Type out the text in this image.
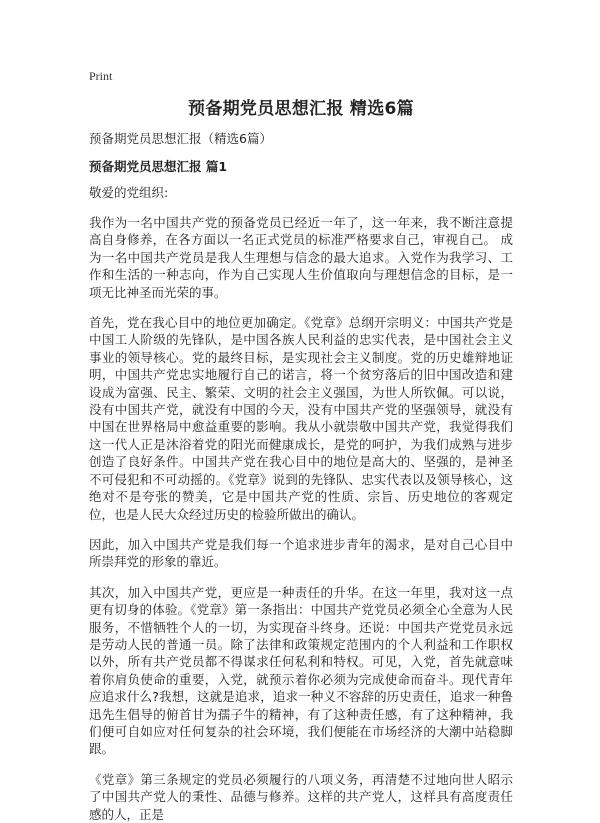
Print
预备期党员思想汇报 精选6篇
预备期党员思想汇报（精选6篇）
预备期党员思想汇报 篇1
敬爱的党组织:

我作为一名中国共产党的预备党员已经近一年了，这一年来，我不断注意提高自身修养，在各方面以一名正式党员的标准严格要求自己，审视自己。 成为一名中国共产党员是我人生理想与信念的最大追求。入党作为我学习、工作和生活的一种志向，作为自己实现人生价值取向与理想信念的目标，是一项无比神圣而光荣的事。

首先，党在我心目中的地位更加确定。《党章》总纲开宗明义：中国共产党是中国工人阶级的先锋队，是中国各族人民利益的忠实代表，是中国社会主义事业的领导核心。党的最终目标，是实现社会主义制度。党的历史雄辩地证明，中国共产党忠实地履行自己的诺言，将一个贫穷落后的旧中国改造和建设成为富强、民主、繁荣、文明的社会主义强国，为世人所钦佩。可以说，没有中国共产党，就没有中国的今天，没有中国共产党的坚强领导，就没有中国在世界格局中愈益重要的影响。我从小就崇敬中国共产党，我觉得我们这一代人正是沐浴着党的阳光而健康成长，是党的呵护，为我们成熟与进步创造了良好条件。中国共产党在我心目中的地位是高大的、坚强的，是神圣不可侵犯和不可动摇的。《党章》说到的先锋队、忠实代表以及领导核心，这绝对不是夸张的赞美，它是中国共产党的性质、宗旨、历史地位的客观定位，也是人民大众经过历史的检验所做出的确认。

因此，加入中国共产党是我们每一个追求进步青年的渴求，是对自己心目中所崇拜党的形象的靠近。

其次，加入中国共产党，更应是一种责任的升华。在这一年里，我对这一点更有切身的体验。《党章》第一条指出：中国共产党党员必须全心全意为人民服务，不惜牺牲个人的一切，为实现奋斗终身。还说：中国共产党党员永远是劳动人民的普通一员。除了法律和政策规定范围内的个人利益和工作职权以外，所有共产党员都不得谋求任何私利和特权。可见，入党，首先就意味着你肩负使命的重要，入党，就预示着你必须为完成使命而奋斗。现代青年应追求什么?我想，这就是追求，追求一种义不容辞的历史责任，追求一种鲁迅先生倡导的俯首甘为孺子牛的精神，有了这种责任感，有了这种精神，我们便可自如应对任何复杂的社会环境，我们便能在市场经济的大潮中站稳脚跟。

《党章》第三条规定的党员必须履行的八项义务，再清楚不过地向世人昭示了中国共产党人的秉性、品德与修养。这样的共产党人，这样具有高度责任感的人，正是
